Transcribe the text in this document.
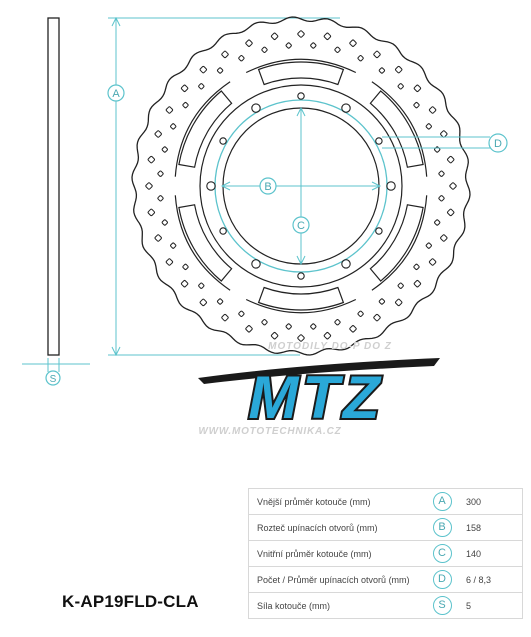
S
A
B
C
D
MOTODILY DO-P DO Z
MTZ
WWW.MOTOTECHNIKA.CZ
Vnější průměr kotouče (mm)	A	300
Rozteč upínacích otvorů (mm)	B	158
Vnitřní průměr kotouče (mm)	C	140
Počet / Průměr upínacích otvorů (mm)	D	6 / 8,3
Síla kotouče (mm)	S	5
K-AP19FLD-CLA
